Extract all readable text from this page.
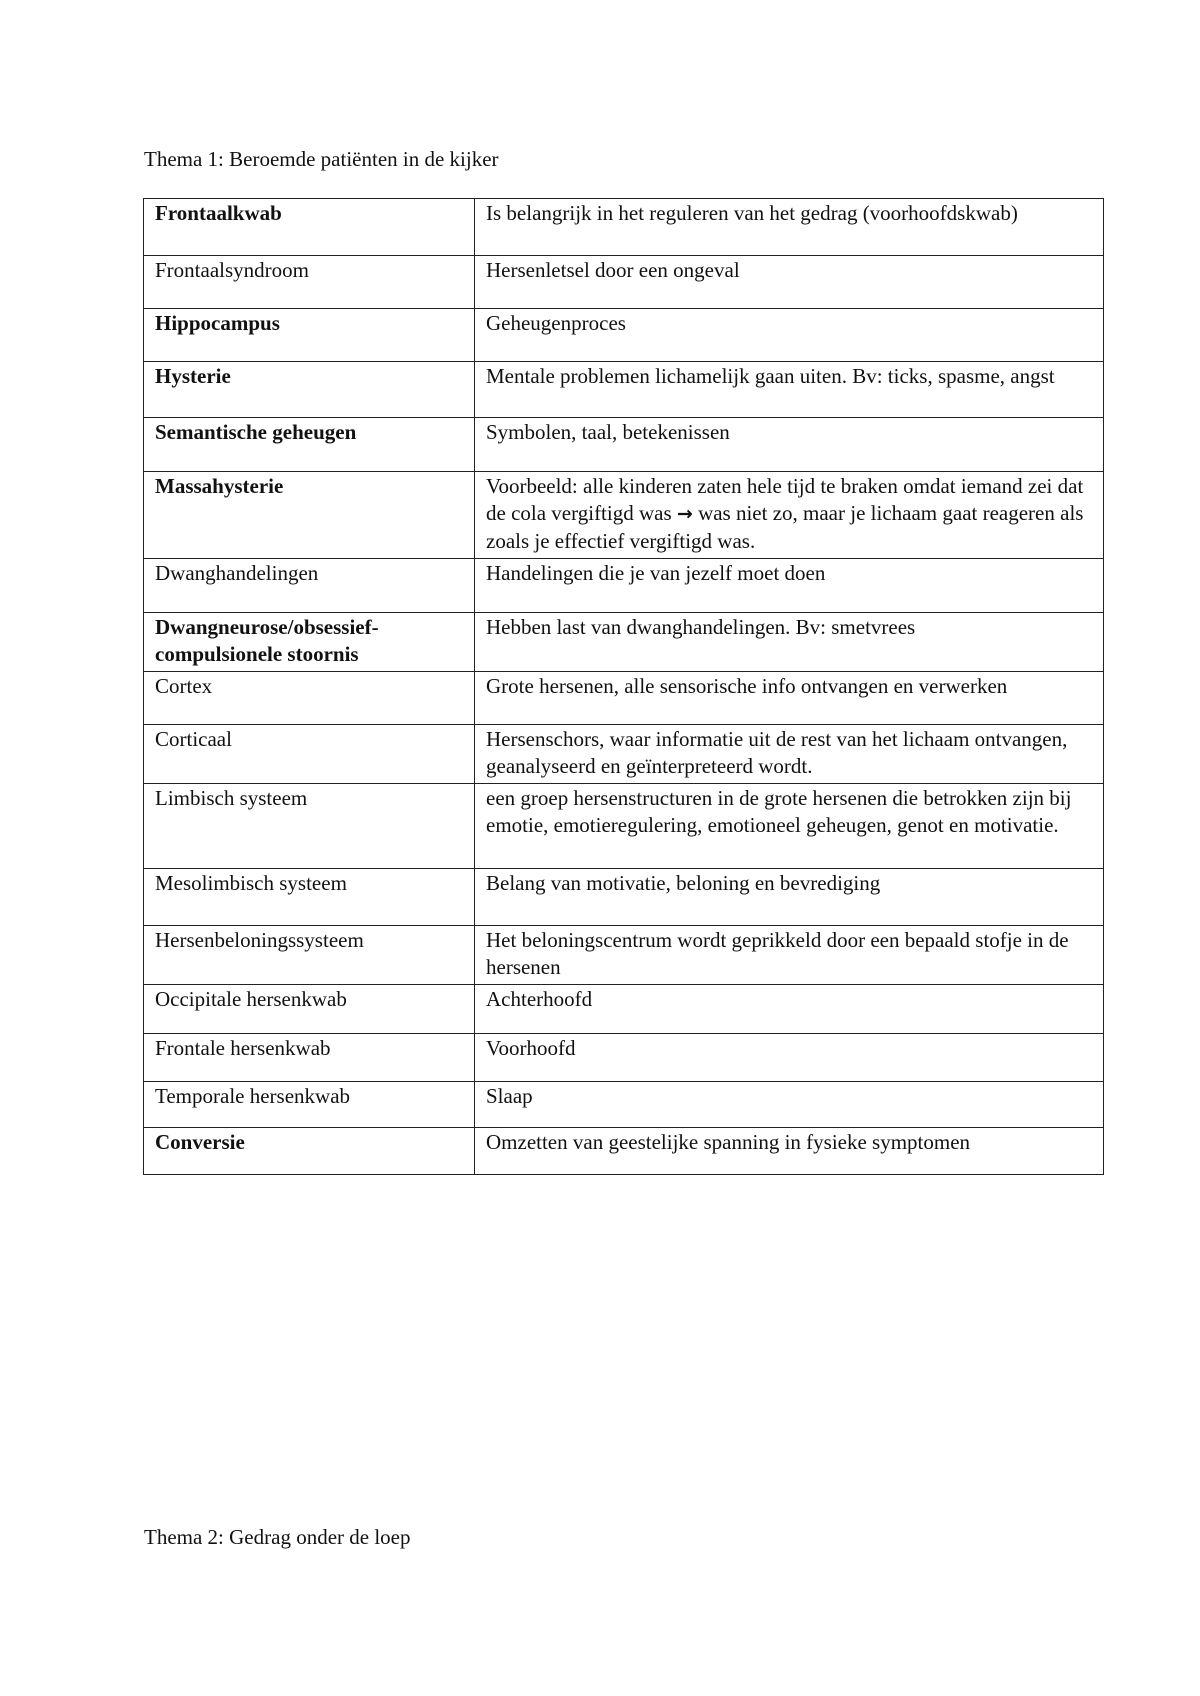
Thema 1: Beroemde patiënten in de kijker

Frontaalkwab	Is belangrijk in het reguleren van het gedrag (voorhoofdskwab)
Frontaalsyndroom	Hersenletsel door een ongeval
Hippocampus	Geheugenproces
Hysterie	Mentale problemen lichamelijk gaan uiten. Bv: ticks, spasme, angst
Semantische geheugen	Symbolen, taal, betekenissen
Massahysterie	Voorbeeld: alle kinderen zaten hele tijd te braken omdat iemand zei dat de cola vergiftigd was → was niet zo, maar je lichaam gaat reageren als zoals je effectief vergiftigd was.
Dwanghandelingen	Handelingen die je van jezelf moet doen
Dwangneurose/obsessief-compulsionele stoornis	Hebben last van dwanghandelingen. Bv: smetvrees
Cortex	Grote hersenen, alle sensorische info ontvangen en verwerken
Corticaal	Hersenschors, waar informatie uit de rest van het lichaam ontvangen, geanalyseerd en geïnterpreteerd wordt.
Limbisch systeem	een groep hersenstructuren in de grote hersenen die betrokken zijn bij emotie, emotieregulering, emotioneel geheugen, genot en motivatie.
Mesolimbisch systeem	Belang van motivatie, beloning en bevrediging
Hersenbeloningssysteem	Het beloningscentrum wordt geprikkeld door een bepaald stofje in de hersenen
Occipitale hersenkwab	Achterhoofd
Frontale hersenkwab	Voorhoofd
Temporale hersenkwab	Slaap
Conversie	Omzetten van geestelijke spanning in fysieke symptomen

Thema 2: Gedrag onder de loep
